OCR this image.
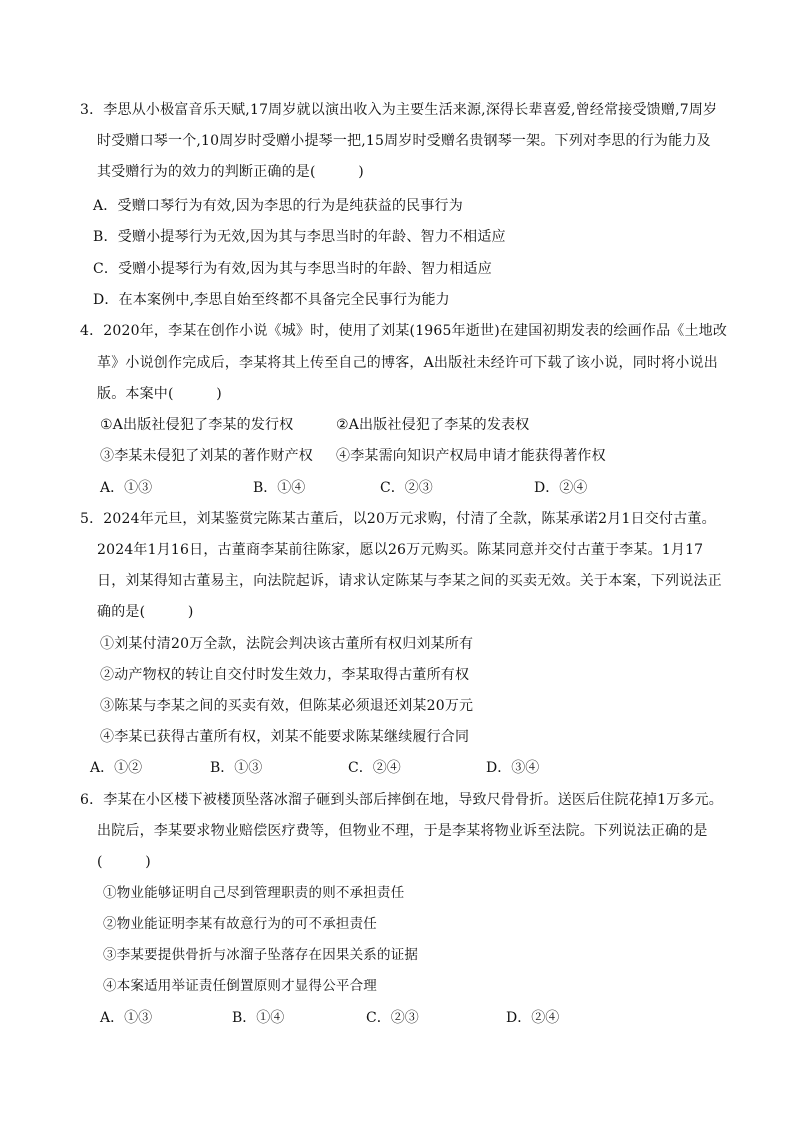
3．李思从小极富音乐天赋,17周岁就以演出收入为主要生活来源,深得长辈喜爱,曾经常接受馈赠,7周岁
时受赠口琴一个,10周岁时受赠小提琴一把,15周岁时受赠名贵钢琴一架。下列对李思的行为能力及
其受赠行为的效力的判断正确的是(　　　)
A．受赠口琴行为有效,因为李思的行为是纯获益的民事行为
B．受赠小提琴行为无效,因为其与李思当时的年龄、智力不相适应
C．受赠小提琴行为有效,因为其与李思当时的年龄、智力相适应
D．在本案例中,李思自始至终都不具备完全民事行为能力
4．2020年，李某在创作小说《城》时，使用了刘某(1965年逝世)在建国初期发表的绘画作品《土地改
革》小说创作完成后，李某将其上传至自己的博客，A出版社未经许可下载了该小说，同时将小说出
版。本案中(　　　)
①A出版社侵犯了李某的发行权	②A出版社侵犯了李某的发表权
③李某未侵犯了刘某的著作财产权 ④李某需向知识产权局申请才能获得著作权
A．①③	B．①④	C．②③	D．②④
5．2024年元旦，刘某鉴赏完陈某古董后，以20万元求购，付清了全款，陈某承诺2月1日交付古董。
2024年1月16日，古董商李某前往陈家，愿以26万元购买。陈某同意并交付古董于李某。1月17
日，刘某得知古董易主，向法院起诉，请求认定陈某与李某之间的买卖无效。关于本案，下列说法正
确的是(　　　)
①刘某付清20万全款，法院会判决该古董所有权归刘某所有
②动产物权的转让自交付时发生效力，李某取得古董所有权
③陈某与李某之间的买卖有效，但陈某必须退还刘某20万元
④李某已获得古董所有权，刘某不能要求陈某继续履行合同
A．①②	B．①③	C．②④	D．③④
6．李某在小区楼下被楼顶坠落冰溜子砸到头部后摔倒在地，导致尺骨骨折。送医后住院花掉1万多元。
出院后，李某要求物业赔偿医疗费等，但物业不理，于是李某将物业诉至法院。下列说法正确的是
(　　　)
①物业能够证明自己尽到管理职责的则不承担责任
②物业能证明李某有故意行为的可不承担责任
③李某要提供骨折与冰溜子坠落存在因果关系的证据
④本案适用举证责任倒置原则才显得公平合理
A．①③	B．①④	C．②③	D．②④
